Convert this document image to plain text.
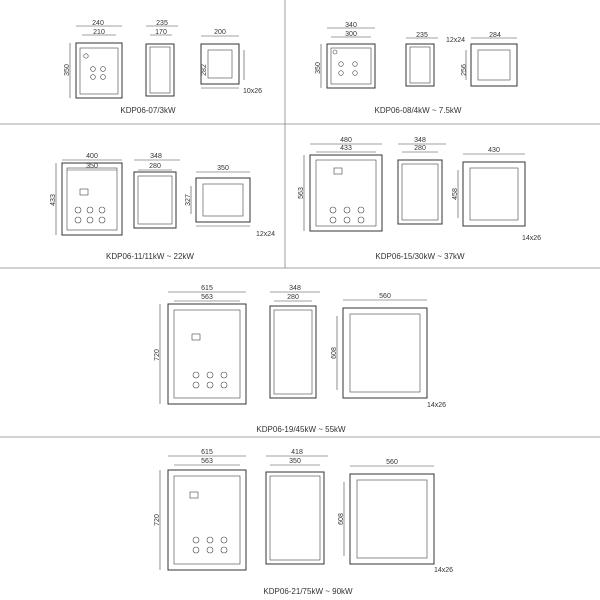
240
210
350
235
170	200
282
10x26
KDP06-07/3kW
340
300
350
235
12x24
284
256
KDP06-08/4kW ~ 7.5kW
400
350
433
348
280	350
327
12x24
KDP06-11/11kW ~ 22kW
480
433
563
348
280	430
458
14x26
KDP06-15/30kW ~ 37kW
615
563
720
348
280	560
608
14x26
KDP06-19/45kW ~ 55kW
615
563
720
418
350	560
608
14x26
KDP06-21/75kW ~ 90kW
